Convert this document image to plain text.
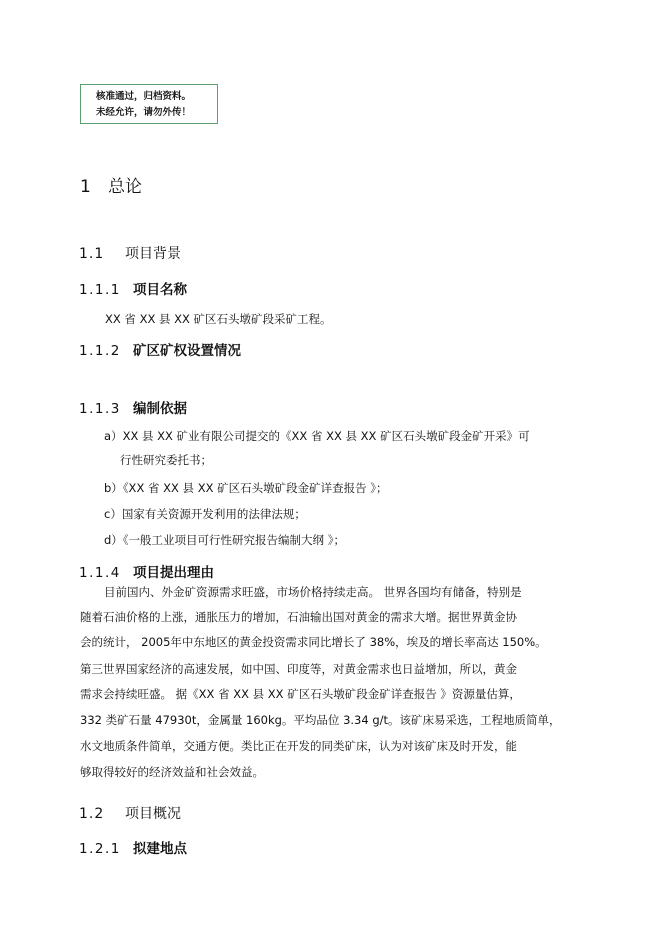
核准通过，归档资料。
未经允许，请勿外传！
1 总论
1.1 项目背景
1.1.1 项目名称
XX 省 XX 县 XX 矿区石头墩矿段采矿工程。
1.1.2 矿区矿权设置情况
1.1.3 编制依据
a）XX 县 XX 矿业有限公司提交的《XX 省 XX 县 XX 矿区石头墩矿段金矿开采》可
行性研究委托书；
b）《XX 省 XX 县 XX 矿区石头墩矿段金矿详查报告 》；
c）国家有关资源开发利用的法律法规；
d）《一般工业项目可行性研究报告编制大纲 》；
1.1.4 项目提出理由
目前国内、外金矿资源需求旺盛，市场价格持续走高。 世界各国均有储备，特别是
随着石油价格的上涨，通胀压力的增加，石油输出国对黄金的需求大增。据世界黄金协
会的统计， 2005年中东地区的黄金投资需求同比增长了 38%，埃及的增长率高达 150%。
第三世界国家经济的高速发展，如中国、印度等，对黄金需求也日益增加，所以，黄金
需求会持续旺盛。 据《XX 省 XX 县 XX 矿区石头墩矿段金矿详查报告 》资源量估算，
332 类矿石量 47930t，金属量 160kg。平均品位 3.34 g/t。该矿床易采选，工程地质简单，
水文地质条件简单，交通方便。类比正在开发的同类矿床，认为对该矿床及时开发，能
够取得较好的经济效益和社会效益。
1.2 项目概况
1.2.1 拟建地点
